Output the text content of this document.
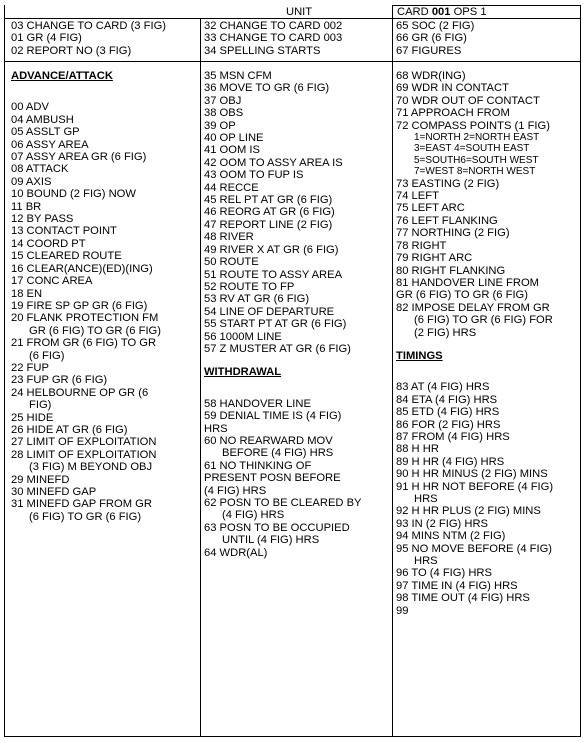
UNIT	CARD 001 OPS 1
03 CHANGE TO CARD (3 FIG)
01 GR (4 FIG)
02 REPORT NO (3 FIG)
32 CHANGE TO CARD 002
33 CHANGE TO CARD 003
34 SPELLING STARTS
65 SOC (2 FIG)
66 GR (6 FIG)
67 FIGURES
ADVANCE/ATTACK
00 ADV
04 AMBUSH
05 ASSLT GP
06 ASSY AREA
07 ASSY AREA GR (6 FIG)
08 ATTACK
09 AXIS
10 BOUND (2 FIG) NOW
11 BR
12 BY PASS
13 CONTACT POINT
14 COORD PT
15 CLEARED ROUTE
16 CLEAR(ANCE)(ED)(ING)
17 CONC AREA
18 EN
19 FIRE SP GP GR (6 FIG)
20 FLANK PROTECTION FM
GR (6 FIG) TO GR (6 FIG)
21 FROM GR (6 FIG) TO GR
(6 FIG)
22 FUP
23 FUP GR (6 FIG)
24 HELBOURNE OP GR (6
FIG)
25 HIDE
26 HIDE AT GR (6 FIG)
27 LIMIT OF EXPLOITATION
28 LIMIT OF EXPLOITATION
(3 FIG) M BEYOND OBJ
29 MINEFD
30 MINEFD GAP
31 MINEFD GAP FROM GR
(6 FIG) TO GR (6 FIG)
35 MSN CFM
36 MOVE TO GR (6 FIG)
37 OBJ
38 OBS
39 OP
40 OP LINE
41 OOM IS
42 OOM TO ASSY AREA IS
43 OOM TO FUP IS
44 RECCE
45 REL PT AT GR (6 FIG)
46 REORG AT GR (6 FIG)
47 REPORT LINE (2 FIG)
48 RIVER
49 RIVER X AT GR (6 FIG)
50 ROUTE
51 ROUTE TO ASSY AREA
52 ROUTE TO FP
53 RV AT GR (6 FIG)
54 LINE OF DEPARTURE
55 START PT AT GR (6 FIG)
56 1000M LINE
57 Z MUSTER AT GR (6 FIG)
WITHDRAWAL
58 HANDOVER LINE
59 DENIAL TIME IS (4 FIG)
HRS
60 NO REARWARD MOV
BEFORE (4 FIG) HRS
61 NO THINKING OF
PRESENT POSN BEFORE
(4 FIG) HRS
62 POSN TO BE CLEARED BY
(4 FIG) HRS
63 POSN TO BE OCCUPIED
UNTIL (4 FIG) HRS
64 WDR(AL)
68 WDR(ING)
69 WDR IN CONTACT
70 WDR OUT OF CONTACT
71 APPROACH FROM
72 COMPASS POINTS (1 FIG)
1=NORTH 2=NORTH EAST
3=EAST 4=SOUTH EAST
5=SOUTH6=SOUTH WEST
7=WEST 8=NORTH WEST
73 EASTING (2 FIG)
74 LEFT
75 LEFT ARC
76 LEFT FLANKING
77 NORTHING (2 FIG)
78 RIGHT
79 RIGHT ARC
80 RIGHT FLANKING
81 HANDOVER LINE FROM
GR (6 FIG) TO GR (6 FIG)
82 IMPOSE DELAY FROM GR
(6 FIG) TO GR (6 FIG) FOR
(2 FIG) HRS
TIMINGS
83 AT (4 FIG) HRS
84 ETA (4 FIG) HRS
85 ETD (4 FIG) HRS
86 FOR (2 FIG) HRS
87 FROM (4 FIG) HRS
88 H HR
89 H HR (4 FIG) HRS
90 H HR MINUS (2 FIG) MINS
91 H HR NOT BEFORE (4 FIG)
HRS
92 H HR PLUS (2 FIG) MINS
93 IN (2 FIG) HRS
94 MINS NTM (2 FIG)
95 NO MOVE BEFORE (4 FIG)
HRS
96 TO (4 FIG) HRS
97 TIME IN (4 FIG) HRS
98 TIME OUT (4 FIG) HRS
99
